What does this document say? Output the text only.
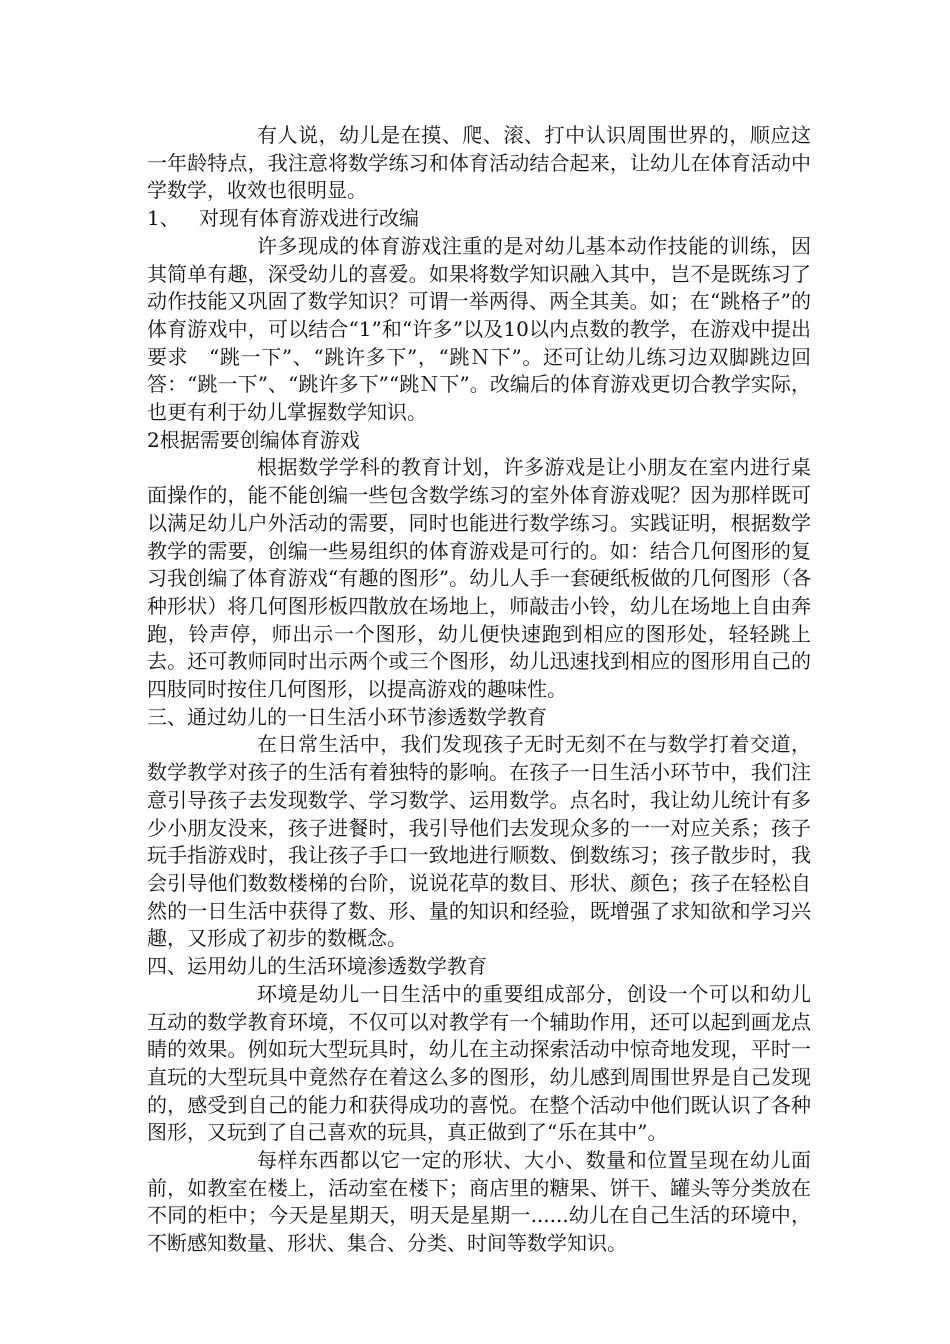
有人说，幼儿是在摸、爬、滚、打中认识周围世界的，顺应这一年龄特点，我注意将数学练习和体育活动结合起来，让幼儿在体育活动中学数学，收效也很明显。

1、 对现有体育游戏进行改编

许多现成的体育游戏注重的是对幼儿基本动作技能的训练，因其简单有趣，深受幼儿的喜爱。如果将数学知识融入其中，岂不是既练习了动作技能又巩固了数学知识？可谓一举两得、两全其美。如；在“跳格子”的体育游戏中，可以结合“1”和“许多”以及10以内点数的教学，在游戏中提出要求　“跳一下”、“跳许多下”，“跳Ｎ下”。还可让幼儿练习边双脚跳边回答：“跳一下”、“跳许多下”“跳Ｎ下”。改编后的体育游戏更切合教学实际，也更有利于幼儿掌握数学知识。

2根据需要创编体育游戏

根据数学学科的教育计划，许多游戏是让小朋友在室内进行桌面操作的，能不能创编一些包含数学练习的室外体育游戏呢？因为那样既可以满足幼儿户外活动的需要，同时也能进行数学练习。实践证明，根据数学教学的需要，创编一些易组织的体育游戏是可行的。如：结合几何图形的复习我创编了体育游戏“有趣的图形”。幼儿人手一套硬纸板做的几何图形（各种形状）将几何图形板四散放在场地上，师敲击小铃，幼儿在场地上自由奔跑，铃声停，师出示一个图形，幼儿便快速跑到相应的图形处，轻轻跳上去。还可教师同时出示两个或三个图形，幼儿迅速找到相应的图形用自己的四肢同时按住几何图形，以提高游戏的趣味性。

三、通过幼儿的一日生活小环节渗透数学教育

在日常生活中，我们发现孩子无时无刻不在与数学打着交道，数学教学对孩子的生活有着独特的影响。在孩子一日生活小环节中，我们注意引导孩子去发现数学、学习数学、运用数学。点名时，我让幼儿统计有多少小朋友没来，孩子进餐时，我引导他们去发现众多的一一对应关系；孩子玩手指游戏时，我让孩子手口一致地进行顺数、倒数练习；孩子散步时，我会引导他们数数楼梯的台阶，说说花草的数目、形状、颜色；孩子在轻松自然的一日生活中获得了数、形、量的知识和经验，既增强了求知欲和学习兴趣，又形成了初步的数概念。

四、运用幼儿的生活环境渗透数学教育

环境是幼儿一日生活中的重要组成部分，创设一个可以和幼儿互动的数学教育环境，不仅可以对教学有一个辅助作用，还可以起到画龙点睛的效果。例如玩大型玩具时，幼儿在主动探索活动中惊奇地发现，平时一直玩的大型玩具中竟然存在着这么多的图形，幼儿感到周围世界是自己发现的，感受到自己的能力和获得成功的喜悦。在整个活动中他们既认识了各种图形，又玩到了自己喜欢的玩具，真正做到了“乐在其中”。

每样东西都以它一定的形状、大小、数量和位置呈现在幼儿面前，如教室在楼上，活动室在楼下；商店里的糖果、饼干、罐头等分类放在不同的柜中；今天是星期天，明天是星期一......幼儿在自己生活的环境中，不断感知数量、形状、集合、分类、时间等数学知识。
